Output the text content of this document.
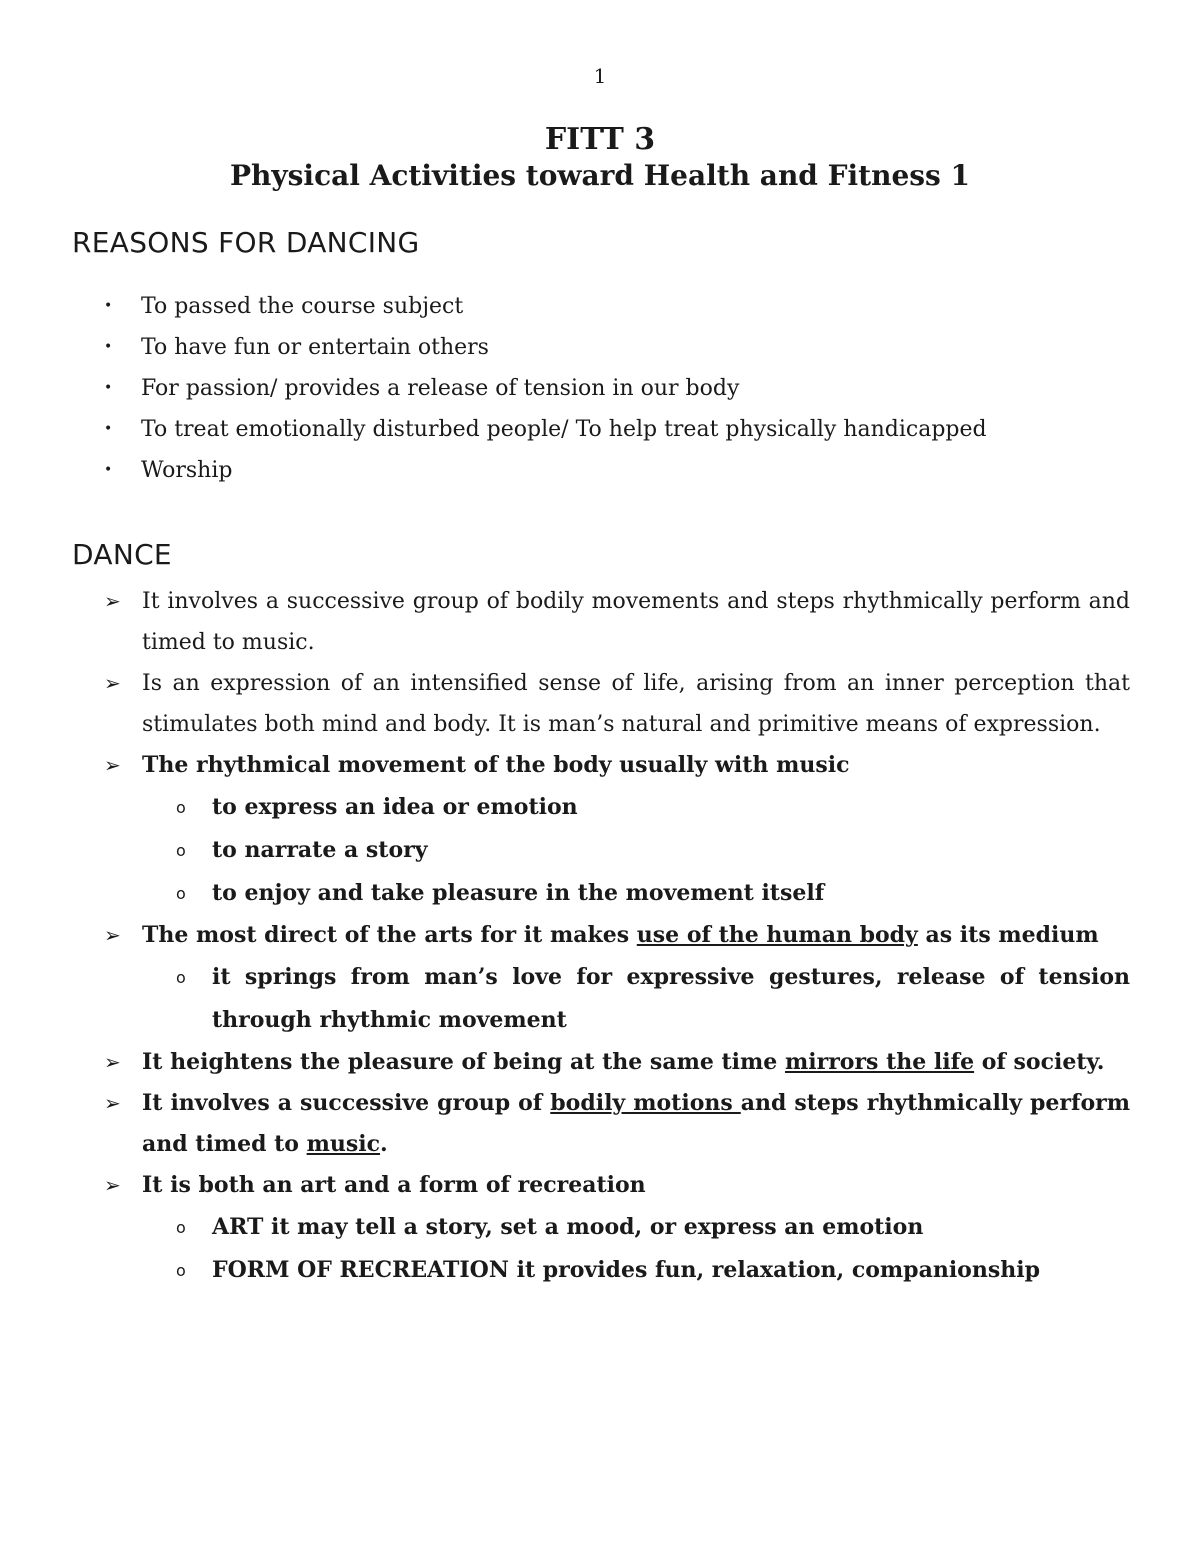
1
FITT 3
Physical Activities toward Health and Fitness 1
REASONS FOR DANCING
• To passed the course subject
• To have fun or entertain others
• For passion/ provides a release of tension in our body
• To treat emotionally disturbed people/ To help treat physically handicapped
• Worship
DANCE
➢ It involves a successive group of bodily movements and steps rhythmically perform and timed to music.
➢ Is an expression of an intensified sense of life, arising from an inner perception that stimulates both mind and body. It is man’s natural and primitive means of expression.
➢ The rhythmical movement of the body usually with music
o to express an idea or emotion
o to narrate a story
o to enjoy and take pleasure in the movement itself
➢ The most direct of the arts for it makes use of the human body as its medium
o it springs from man’s love for expressive gestures, release of tension through rhythmic movement
➢ It heightens the pleasure of being at the same time mirrors the life of society.
➢ It involves a successive group of bodily motions and steps rhythmically perform and timed to music.
➢ It is both an art and a form of recreation
o ART it may tell a story, set a mood, or express an emotion
o FORM OF RECREATION it provides fun, relaxation, companionship
